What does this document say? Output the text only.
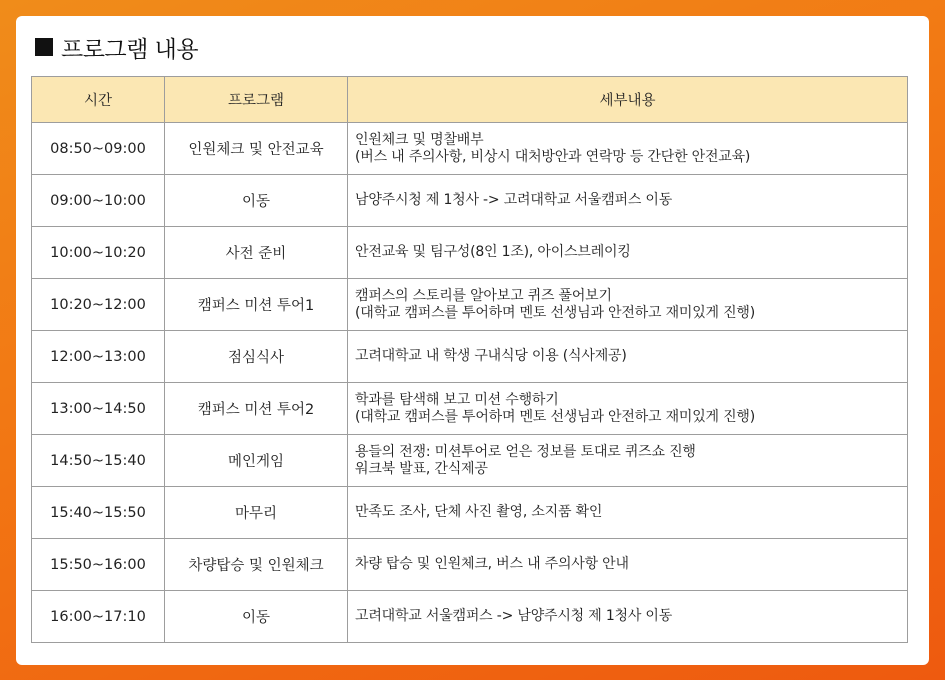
프로그램 내용
시간	프로그램	세부내용
08:50~09:00	인원체크 및 안전교육	인원체크 및 명찰배부
(버스 내 주의사항, 비상시 대처방안과 연락망 등 간단한 안전교육)

09:00~10:00	이동	남양주시청 제 1청사 -> 고려대학교 서울캠퍼스 이동

10:00~10:20	사전 준비	안전교육 및 팀구성(8인 1조), 아이스브레이킹

10:20~12:00	캠퍼스 미션 투어1	캠퍼스의 스토리를 알아보고 퀴즈 풀어보기
(대학교 캠퍼스를 투어하며 멘토 선생님과 안전하고 재미있게 진행)

12:00~13:00	점심식사	고려대학교 내 학생 구내식당 이용 (식사제공)

13:00~14:50	캠퍼스 미션 투어2	학과를 탐색해 보고 미션 수행하기
(대학교 캠퍼스를 투어하며 멘토 선생님과 안전하고 재미있게 진행)

14:50~15:40	메인게임	용들의 전쟁: 미션투어로 얻은 정보를 토대로 퀴즈쇼 진행
워크북 발표, 간식제공

15:40~15:50	마무리	만족도 조사, 단체 사진 촬영, 소지품 확인

15:50~16:00	차량탑승 및 인원체크	차량 탑승 및 인원체크, 버스 내 주의사항 안내

16:00~17:10	이동	고려대학교 서울캠퍼스 -> 남양주시청 제 1청사 이동
